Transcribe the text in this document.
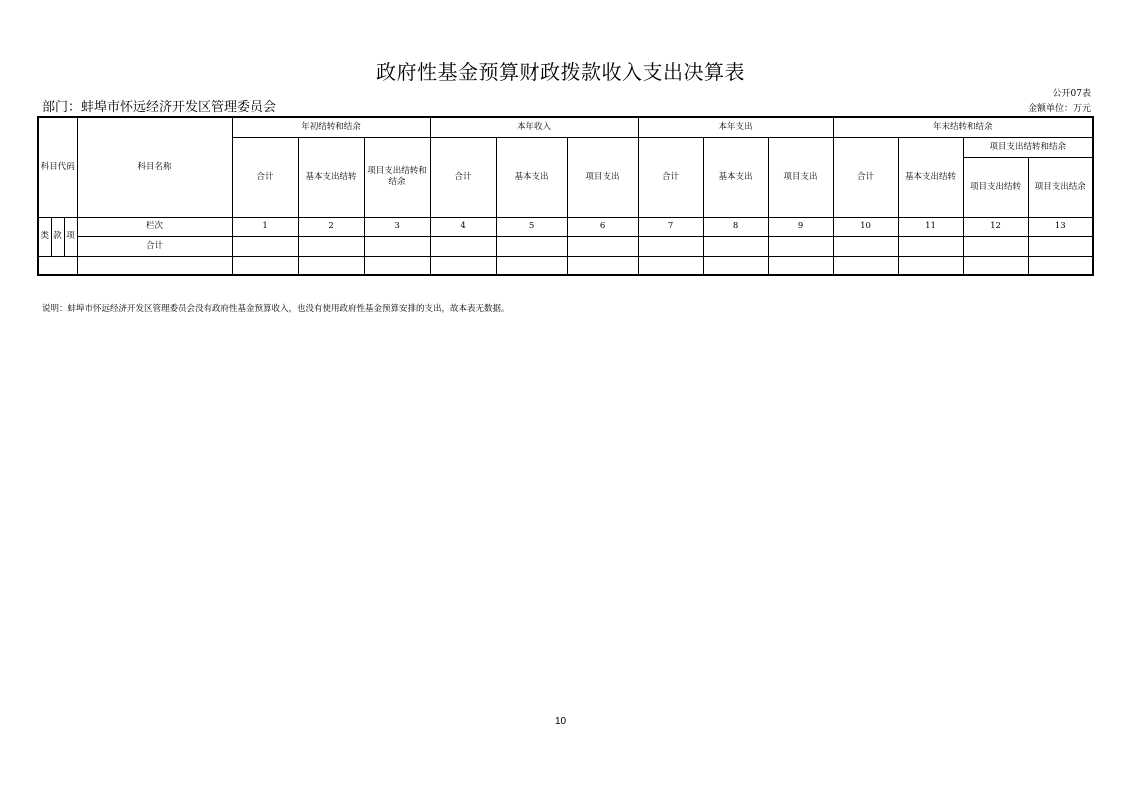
政府性基金预算财政拨款收入支出决算表
部门：蚌埠市怀远经济开发区管理委员会
公开07表
金额单位：万元
科目代码			科目名称	年初结转和结余			本年收入			本年支出			年末结转和结余			
				合计	基本支出结转	项目支出结转和结余	合计	基本支出	项目支出	合计	基本支出	项目支出	合计	基本支出结转	项目支出结转和结余	
															项目支出结转	项目支出结余
类	款	项	栏次	1	2	3	4	5	6	7	8	9	10	11	12	13
			合计													

说明：蚌埠市怀远经济开发区管理委员会没有政府性基金预算收入，也没有使用政府性基金预算安排的支出，故本表无数据。
10
